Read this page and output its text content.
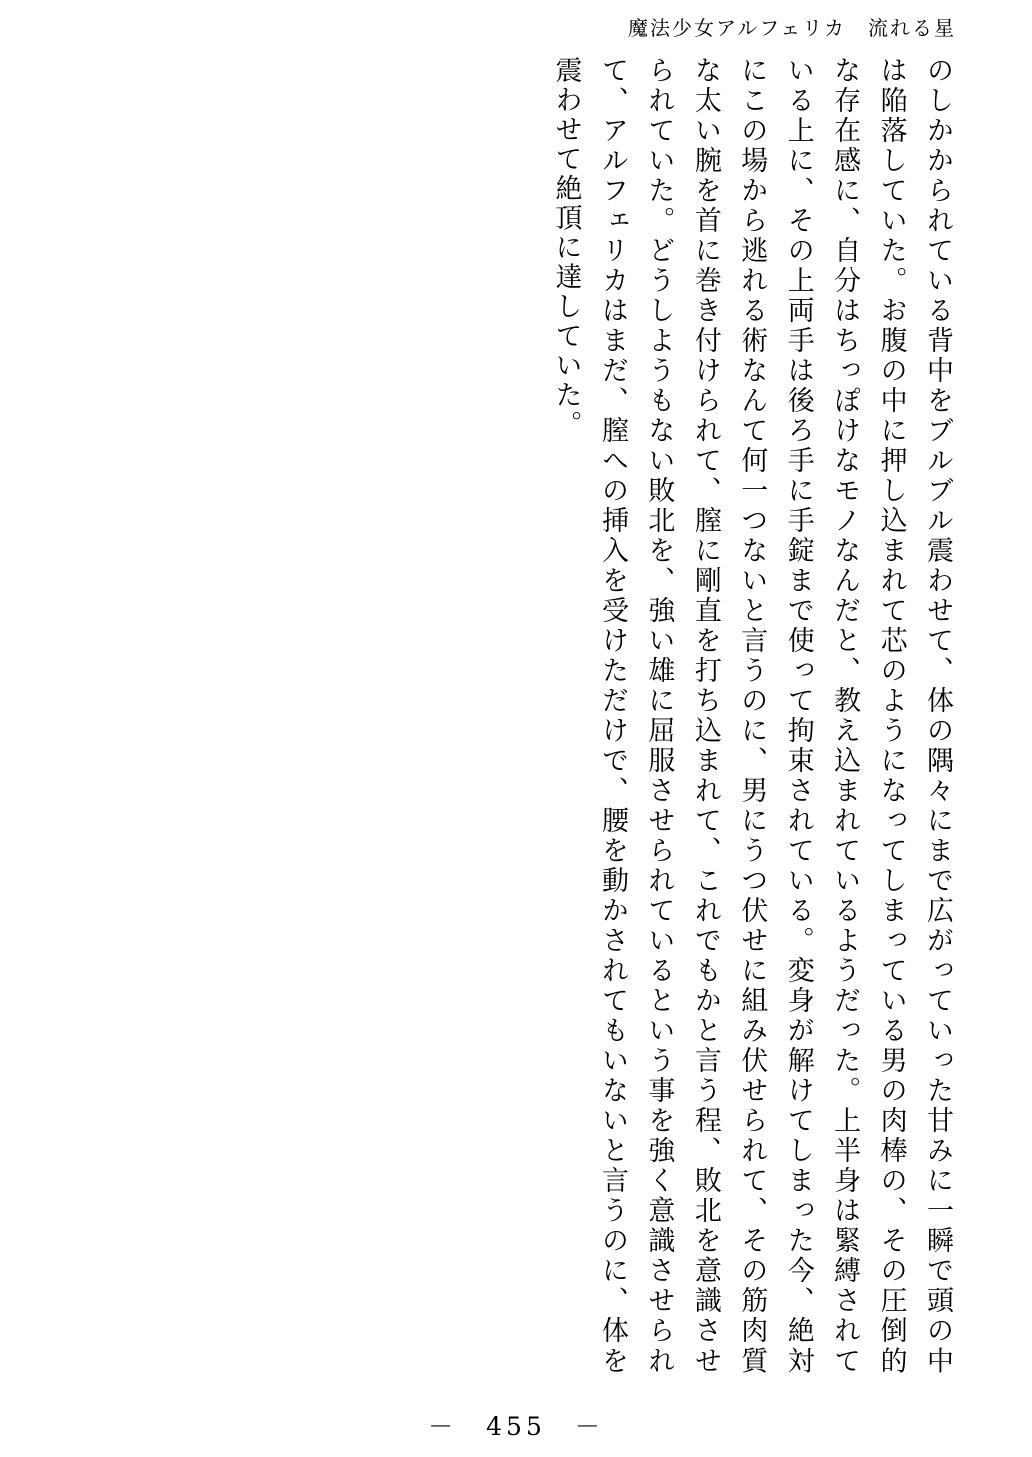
魔法少女アルフェリカ　流れる星

のしかかられている背中をブルブル震わせて、体の隅々にまで広がっていった甘みに一瞬で頭の中は陥落していた。お腹の中に押し込まれて芯のようになってしまっている男の肉棒の、その圧倒的な存在感に、自分はちっぽけなモノなんだと、教え込まれているようだった。上半身は緊縛されている上に、その上両手は後ろ手に手錠まで使って拘束されている。変身が解けてしまった今、絶対にこの場から逃れる術なんて何一つないと言うのに、男にうつ伏せに組み伏せられて、その筋肉質な太い腕を首に巻き付けられて、膣に剛直を打ち込まれて、これでもかと言う程、敗北を意識させられていた。どうしようもない敗北を、強い雄に屈服させられているという事を強く意識させられて、アルフェリカはまだ、膣への挿入を受けただけで、腰を動かされてもいないと言うのに、体を震わせて絶頂に達していた。

－　455　－
